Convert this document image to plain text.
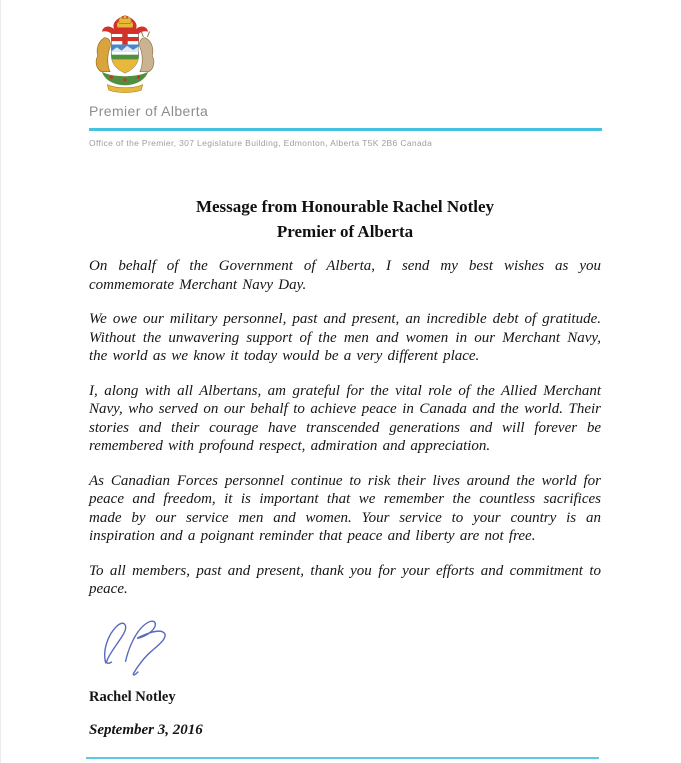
Premier of Alberta
Office of the Premier, 307 Legislature Building, Edmonton, Alberta T5K 2B6 Canada
Message from Honourable Rachel Notley
Premier of Alberta

On behalf of the Government of Alberta, I send my best wishes as you commemorate Merchant Navy Day.

We owe our military personnel, past and present, an incredible debt of gratitude. Without the unwavering support of the men and women in our Merchant Navy, the world as we know it today would be a very different place.

I, along with all Albertans, am grateful for the vital role of the Allied Merchant Navy, who served on our behalf to achieve peace in Canada and the world. Their stories and their courage have transcended generations and will forever be remembered with profound respect, admiration and appreciation.

As Canadian Forces personnel continue to risk their lives around the world for peace and freedom, it is important that we remember the countless sacrifices made by our service men and women. Your service to your country is an inspiration and a poignant reminder that peace and liberty are not free.

To all members, past and present, thank you for your efforts and commitment to peace.

Rachel Notley
September 3, 2016
